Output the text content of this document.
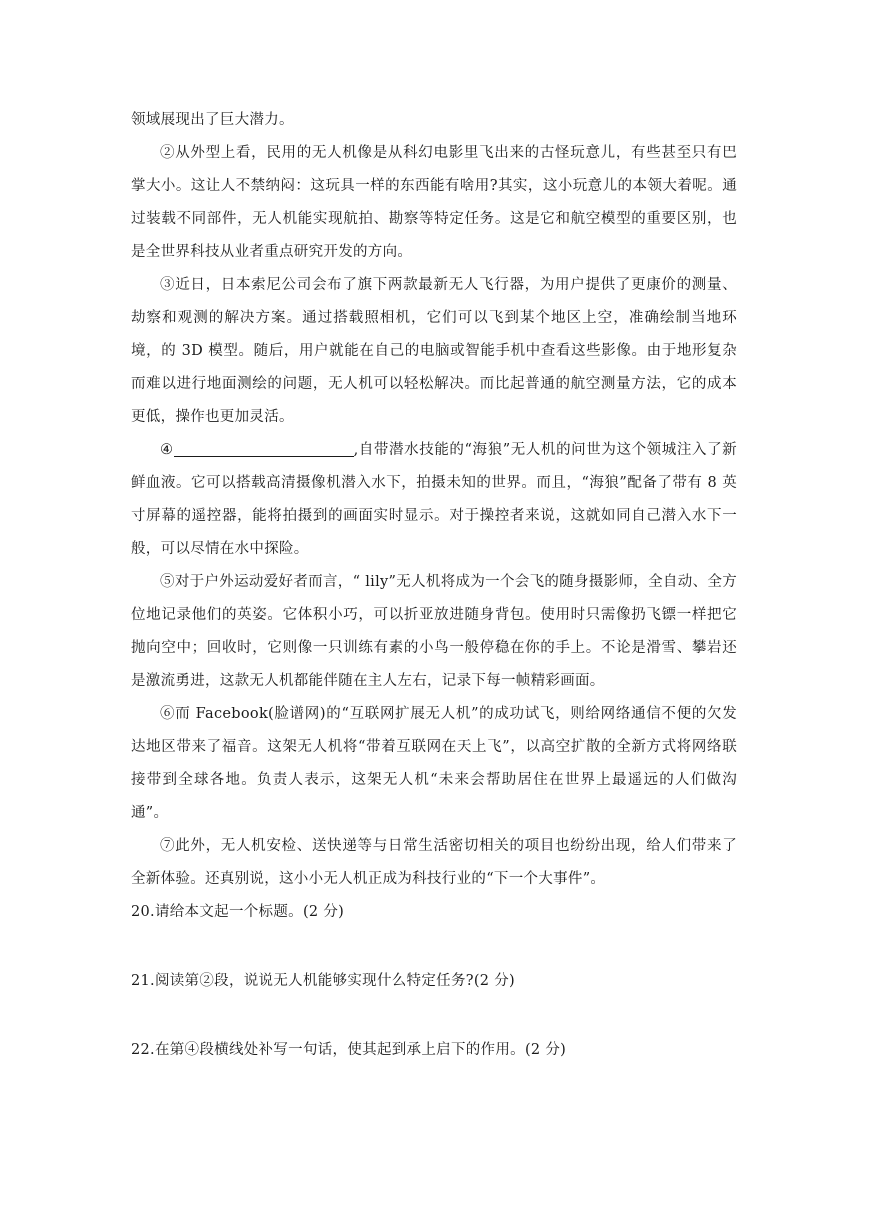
领域展现出了巨大潜力。

②从外型上看，民用的无人机像是从科幻电影里飞出来的古怪玩意儿，有些甚至只有巴掌大小。这让人不禁纳闷：这玩具一样的东西能有啥用?其实，这小玩意儿的本领大着呢。通过装载不同部件，无人机能实现航拍、勘察等特定任务。这是它和航空模型的重要区别，也是全世界科技从业者重点研究开发的方向。

③近日，日本索尼公司会布了旗下两款最新无人飞行器，为用户提供了更康价的测量、劫察和观测的解决方案。通过搭载照相机，它们可以飞到某个地区上空，准确绘制当地环境，的 3D 模型。随后，用户就能在自己的电脑或智能手机中查看这些影像。由于地形复杂而难以进行地面测绘的问题，无人机可以轻松解决。而比起普通的航空测量方法，它的成本更低，操作也更加灵活。

④	,自带潜水技能的“海狼”无人机的问世为这个领城注入了新鲜血液。它可以搭载高清摄像机潜入水下，拍摄未知的世界。而且，“海狼”配备了带有 8 英寸屏幕的遥控器，能将拍摄到的画面实时显示。对于操控者来说，这就如同自己潜入水下一般，可以尽情在水中探险。

⑤对于户外运动爱好者而言，“ lily”无人机将成为一个会飞的随身摄影师，全自动、全方位地记录他们的英姿。它体积小巧，可以折亚放进随身背包。使用时只需像扔飞镖一样把它抛向空中；回收时，它则像一只训练有素的小鸟一般停稳在你的手上。不论是滑雪、攀岩还是激流勇进，这款无人机都能伴随在主人左右，记录下每一帧精彩画面。

⑥而 Facebook(脸谱网)的“互联网扩展无人机”的成功试飞，则给网络通信不便的欠发达地区带来了福音。这架无人机将“带着互联网在天上飞”，以高空扩散的全新方式将网络联接带到全球各地。负责人表示，这架无人机“未来会帮助居住在世界上最遥远的人们做沟通”。

⑦此外，无人机安检、送快递等与日常生活密切相关的项目也纷纷出现，给人们带来了全新体验。还真别说，这小小无人机正成为科技行业的“下一个大事件”。

20.请给本文起一个标题。(2 分)

21.阅读第②段，说说无人机能够实现什么特定任务?(2 分)

22.在第④段横线处补写一句话，使其起到承上启下的作用。(2 分)
